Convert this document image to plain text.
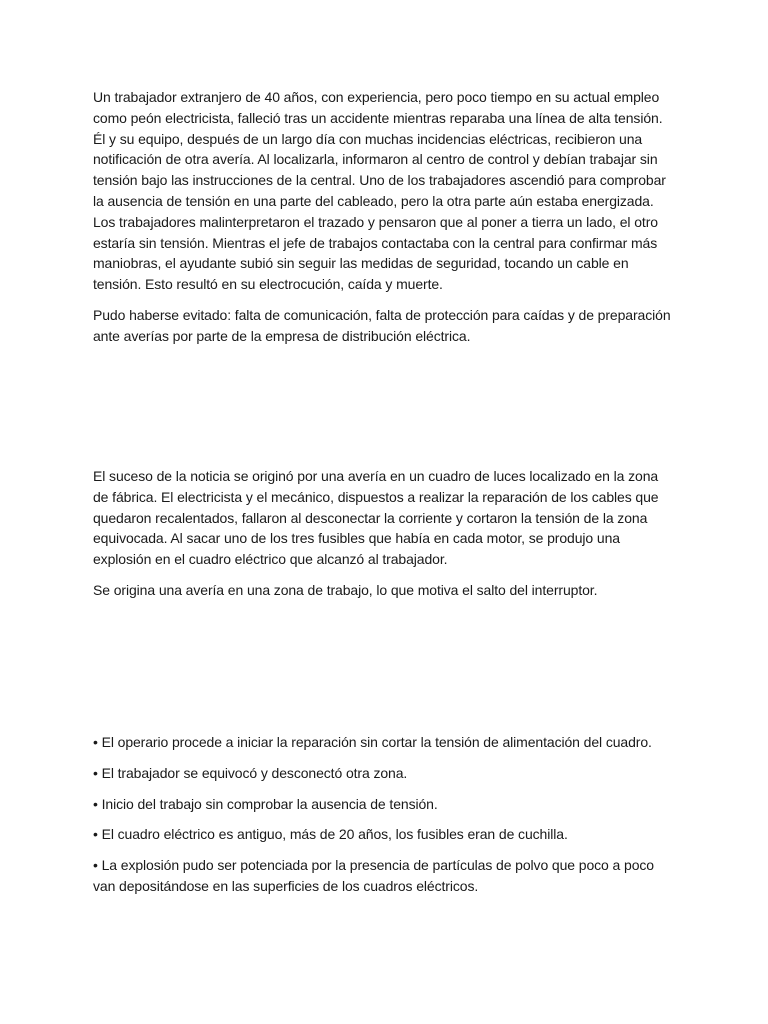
Un trabajador extranjero de 40 años, con experiencia, pero poco tiempo en su actual empleo como peón electricista, falleció tras un accidente mientras reparaba una línea de alta tensión. Él y su equipo, después de un largo día con muchas incidencias eléctricas, recibieron una notificación de otra avería. Al localizarla, informaron al centro de control y debían trabajar sin tensión bajo las instrucciones de la central. Uno de los trabajadores ascendió para comprobar la ausencia de tensión en una parte del cableado, pero la otra parte aún estaba energizada. Los trabajadores malinterpretaron el trazado y pensaron que al poner a tierra un lado, el otro estaría sin tensión. Mientras el jefe de trabajos contactaba con la central para confirmar más maniobras, el ayudante subió sin seguir las medidas de seguridad, tocando un cable en tensión. Esto resultó en su electrocución, caída y muerte.

Pudo haberse evitado: falta de comunicación, falta de protección para caídas y de preparación ante averías por parte de la empresa de distribución eléctrica.

El suceso de la noticia se originó por una avería en un cuadro de luces localizado en la zona de fábrica. El electricista y el mecánico, dispuestos a realizar la reparación de los cables que quedaron recalentados, fallaron al desconectar la corriente y cortaron la tensión de la zona equivocada. Al sacar uno de los tres fusibles que había en cada motor, se produjo una explosión en el cuadro eléctrico que alcanzó al trabajador.

Se origina una avería en una zona de trabajo, lo que motiva el salto del interruptor.

• El operario procede a iniciar la reparación sin cortar la tensión de alimentación del cuadro.

• El trabajador se equivocó y desconectó otra zona.

• Inicio del trabajo sin comprobar la ausencia de tensión.

• El cuadro eléctrico es antiguo, más de 20 años, los fusibles eran de cuchilla.

• La explosión pudo ser potenciada por la presencia de partículas de polvo que poco a poco van depositándose en las superficies de los cuadros eléctricos.
